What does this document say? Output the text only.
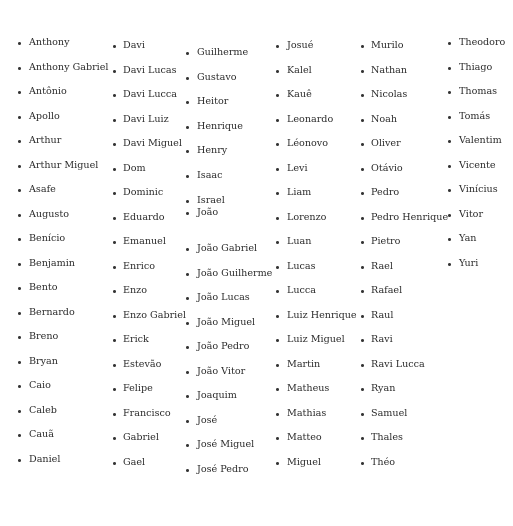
Anthony
Anthony Gabriel
Antônio
Apollo
Arthur
Arthur Miguel
Asafe
Augusto
Benício
Benjamin
Bento
Bernardo
Breno
Bryan
Caio
Caleb
Cauã
Daniel
Davi
Davi Lucas
Davi Lucca
Davi Luiz
Davi Miguel
Dom
Dominic
Eduardo
Emanuel
Enrico
Enzo
Enzo Gabriel
Erick
Estevão
Felipe
Francisco
Gabriel
Gael
Guilherme
Gustavo
Heitor
Henrique
Henry
Isaac
Israel
João
João Gabriel
João Guilherme
João Lucas
João Miguel
João Pedro
João Vitor
Joaquim
José
José Miguel
José Pedro
Josué
Kalel
Kauê
Leonardo
Léonovo
Levi
Liam
Lorenzo
Luan
Lucas
Lucca
Luiz Henrique
Luiz Miguel
Martin
Matheus
Mathias
Matteo
Miguel
Murilo
Nathan
Nicolas
Noah
Oliver
Otávio
Pedro
Pedro Henrique
Pietro
Rael
Rafael
Raul
Ravi
Ravi Lucca
Ryan
Samuel
Thales
Théo
Theodoro
Thiago
Thomas
Tomás
Valentim
Vicente
Vinícius
Vitor
Yan
Yuri
